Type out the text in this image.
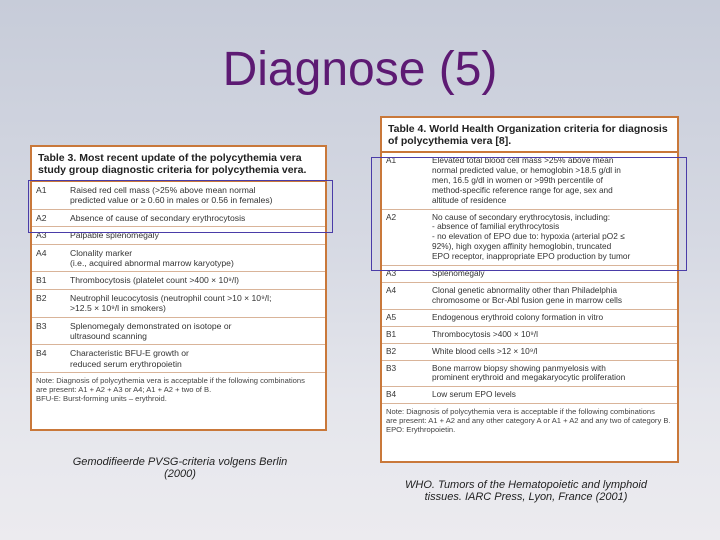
Diagnose (5)
Table 3. Most recent update of the polycythemia vera study group diagnostic criteria for polycythemia vera.
A1	Raised red cell mass (>25% above mean normal
predicted value or ≥ 0.60 in males or 0.56 in females)
A2	Absence of cause of secondary erythrocytosis
A3	Palpable splenomegaly
A4	Clonality marker
(i.e., acquired abnormal marrow karyotype)
B1	Thrombocytosis (platelet count >400 × 10⁹/l)
B2	Neutrophil leucocytosis (neutrophil count >10 × 10⁹/l;
>12.5 × 10⁹/l in smokers)
B3	Splenomegaly demonstrated on isotope or
ultrasound scanning
B4	Characteristic BFU-E growth or
reduced serum erythropoietin
Note: Diagnosis of polycythemia vera is acceptable if the following combinations
are present: A1 + A2 + A3 or A4; A1 + A2 + two of B.
BFU-E: Burst-forming units – erythroid.
Table 4. World Health Organization criteria for diagnosis of polycythemia vera [8].
A1	Elevated total blood cell mass >25% above mean
normal predicted value, or hemoglobin >18.5 g/dl in
men, 16.5 g/dl in women or >99th percentile of
method-specific reference range for age, sex and
altitude of residence
A2	No cause of secondary erythrocytosis, including:
- absence of familial erythrocytosis
- no elevation of EPO due to: hypoxia (arterial pO2 ≤
92%), high oxygen affinity hemoglobin, truncated
EPO receptor, inappropriate EPO production by tumor
A3	Splenomegaly
A4	Clonal genetic abnormality other than Philadelphia
chromosome or Bcr-Abl fusion gene in marrow cells
A5	Endogenous erythroid colony formation in vitro
B1	Thrombocytosis >400 × 10⁹/l
B2	White blood cells >12 × 10⁹/l
B3	Bone marrow biopsy showing panmyelosis with
prominent erythroid and megakaryocytic proliferation
B4	Low serum EPO levels
Note: Diagnosis of polycythemia vera is acceptable if the following combinations
are present: A1 + A2 and any other category A or A1 + A2 and any two of category B.
EPO: Erythropoietin.
Gemodifieerde PVSG-criteria volgens Berlin
(2000)
WHO. Tumors of the Hematopoietic and lymphoid
tissues. IARC Press, Lyon, France (2001)
